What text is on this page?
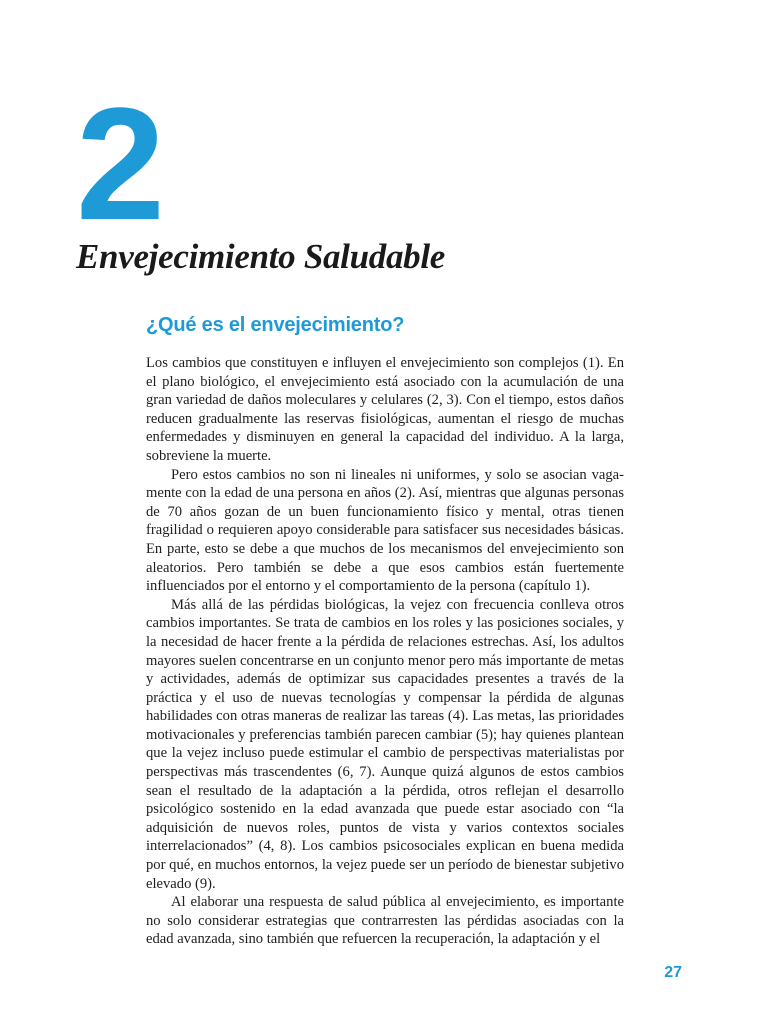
2
Envejecimiento Saludable
¿Qué es el envejecimiento?

Los cambios que constituyen e influyen el envejecimiento son complejos (1). En el plano biológico, el envejecimiento está asociado con la acumulación de una gran variedad de daños moleculares y celulares (2, 3). Con el tiempo, estos daños reducen gradualmente las reservas fisiológicas, aumentan el riesgo de muchas enfermedades y disminuyen en general la capacidad del individuo. A la larga, sobreviene la muerte.

Pero estos cambios no son ni lineales ni uniformes, y solo se asocian vagamente con la edad de una persona en años (2). Así, mientras que algunas personas de 70 años gozan de un buen funcionamiento físico y mental, otras tienen fragilidad o requieren apoyo considerable para satisfacer sus necesidades básicas. En parte, esto se debe a que muchos de los mecanismos del envejecimiento son aleatorios. Pero también se debe a que esos cambios están fuertemente influenciados por el entorno y el comportamiento de la persona (capítulo 1).

Más allá de las pérdidas biológicas, la vejez con frecuencia conlleva otros cambios importantes. Se trata de cambios en los roles y las posiciones sociales, y la necesidad de hacer frente a la pérdida de relaciones estrechas. Así, los adultos mayores suelen concentrarse en un conjunto menor pero más importante de metas y actividades, además de optimizar sus capacidades presentes a través de la práctica y el uso de nuevas tecnologías y compensar la pérdida de algunas habilidades con otras maneras de realizar las tareas (4). Las metas, las prioridades motivacionales y preferencias también parecen cambiar (5); hay quienes plantean que la vejez incluso puede estimular el cambio de perspectivas materialistas por perspectivas más trascendentes (6, 7). Aunque quizá algunos de estos cambios sean el resultado de la adaptación a la pérdida, otros reflejan el desarrollo psicológico sostenido en la edad avanzada que puede estar asociado con “la adquisición de nuevos roles, puntos de vista y varios contextos sociales interrelacionados” (4, 8). Los cambios psicosociales explican en buena medida por qué, en muchos entornos, la vejez puede ser un período de bienestar subjetivo elevado (9).

Al elaborar una respuesta de salud pública al envejecimiento, es importante no solo considerar estrategias que contrarresten las pérdidas asociadas con la edad avanzada, sino también que refuercen la recuperación, la adaptación y el

27
